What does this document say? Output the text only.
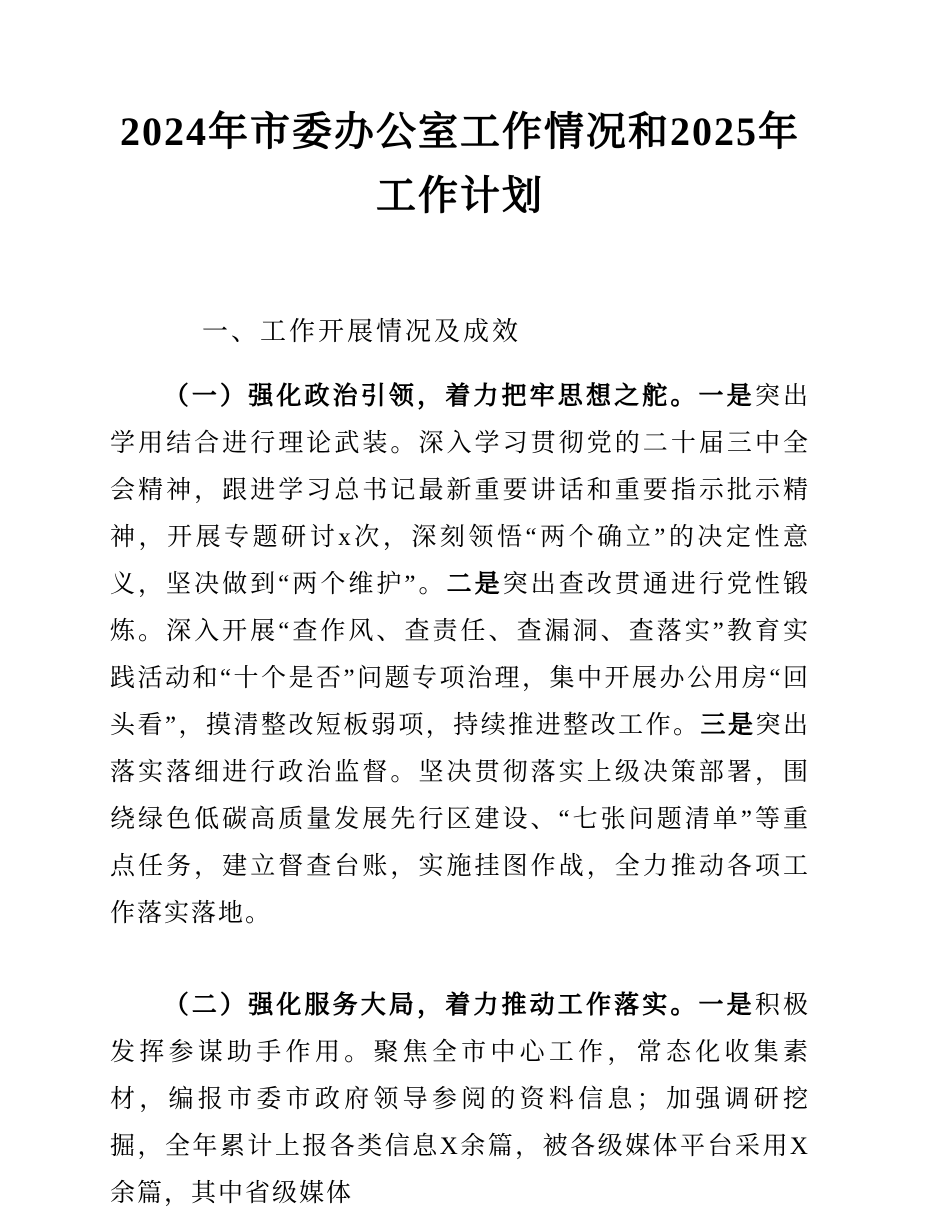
2024年市委办公室工作情况和2025年工作计划

一、工作开展情况及成效

（一）强化政治引领，着力把牢思想之舵。一是突出学用结合进行理论武装。深入学习贯彻党的二十届三中全会精神，跟进学习总书记最新重要讲话和重要指示批示精神，开展专题研讨x次，深刻领悟“两个确立”的决定性意义，坚决做到“两个维护”。二是突出查改贯通进行党性锻炼。深入开展“查作风、查责任、查漏洞、查落实”教育实践活动和“十个是否”问题专项治理，集中开展办公用房“回头看”，摸清整改短板弱项，持续推进整改工作。三是突出落实落细进行政治监督。坚决贯彻落实上级决策部署，围绕绿色低碳高质量发展先行区建设、“七张问题清单”等重点任务，建立督查台账，实施挂图作战，全力推动各项工作落实落地。

（二）强化服务大局，着力推动工作落实。一是积极发挥参谋助手作用。聚焦全市中心工作，常态化收集素材，编报市委市政府领导参阅的资料信息；加强调研挖掘，全年累计上报各类信息X余篇，被各级媒体平台采用X余篇，其中省级媒体
